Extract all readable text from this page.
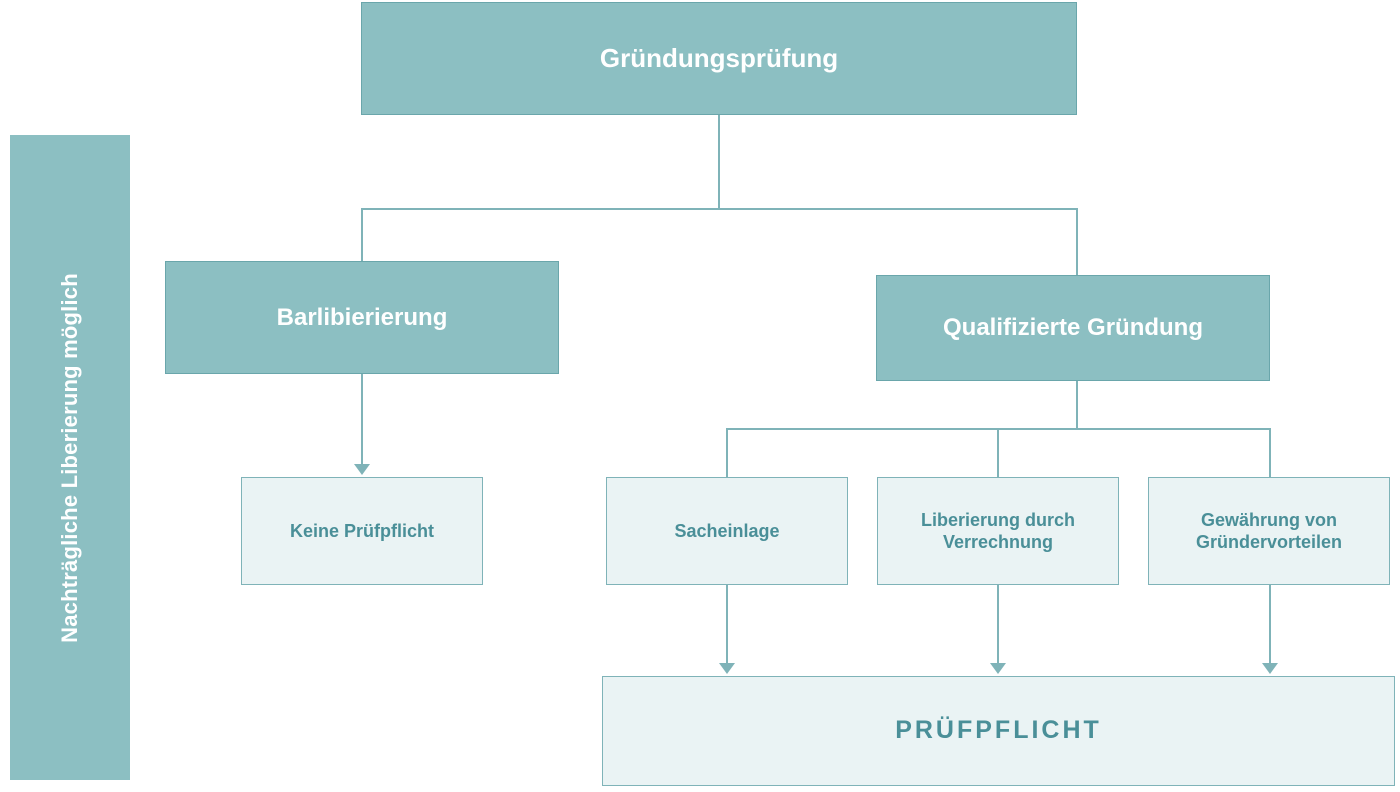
Nachträgliche Liberierung möglich
Gründungsprüfung
Barlibierierung	Qualifizierte Gründung
Keine Prüfpflicht	Sacheinlage
Liberierung durch Verrechnung
Gewährung von Gründervorteilen
PRÜFPFLICHT
